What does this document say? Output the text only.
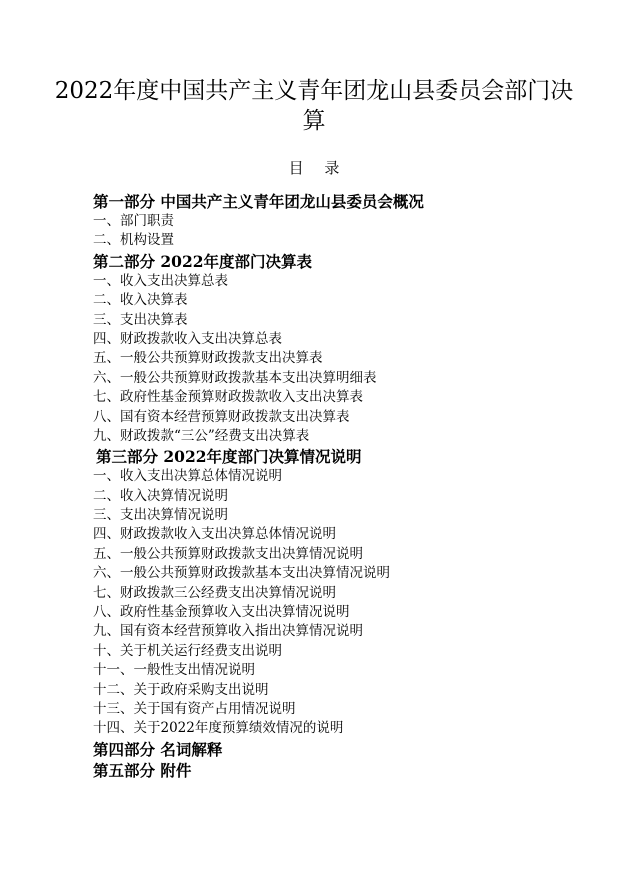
2022年度中国共产主义青年团龙山县委员会部门决算
目 录
第一部分 中国共产主义青年团龙山县委员会概况
一、部门职责
二、机构设置
第二部分 2022年度部门决算表
一、收入支出决算总表
二、收入决算表
三、支出决算表
四、财政拨款收入支出决算总表
五、一般公共预算财政拨款支出决算表
六、一般公共预算财政拨款基本支出决算明细表
七、政府性基金预算财政拨款收入支出决算表
八、国有资本经营预算财政拨款支出决算表
九、财政拨款“三公”经费支出决算表
第三部分 2022年度部门决算情况说明
一、收入支出决算总体情况说明
二、收入决算情况说明
三、支出决算情况说明
四、财政拨款收入支出决算总体情况说明
五、一般公共预算财政拨款支出决算情况说明
六、一般公共预算财政拨款基本支出决算情况说明
七、财政拨款三公经费支出决算情况说明
八、政府性基金预算收入支出决算情况说明
九、国有资本经营预算收入指出决算情况说明
十、关于机关运行经费支出说明
十一、一般性支出情况说明
十二、关于政府采购支出说明
十三、关于国有资产占用情况说明
十四、关于2022年度预算绩效情况的说明
第四部分 名词解释
第五部分 附件
